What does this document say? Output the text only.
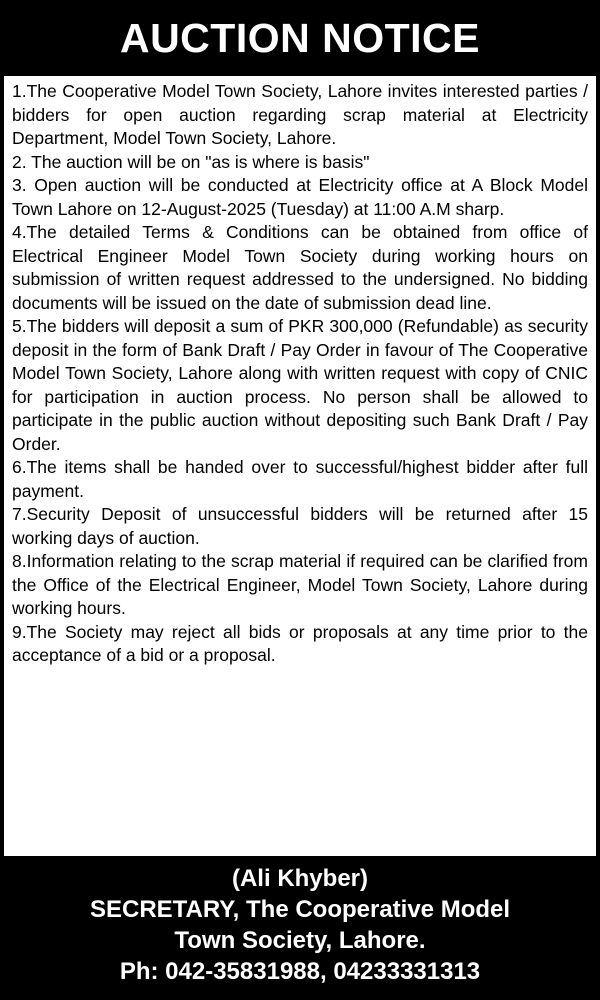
AUCTION NOTICE

1.The Cooperative Model Town Society, Lahore invites interested parties / bidders for open auction regarding scrap material at Electricity Department, Model Town Society, Lahore.

2. The auction will be on "as is where is basis"

3. Open auction will be conducted at Electricity office at A Block Model Town Lahore on 12-August-2025 (Tuesday) at 11:00 A.M sharp.

4.The detailed Terms & Conditions can be obtained from office of Electrical Engineer Model Town Society during working hours on submission of written request addressed to the undersigned. No bidding documents will be issued on the date of submission dead line.

5.The bidders will deposit a sum of PKR 300,000 (Refundable) as security deposit in the form of Bank Draft / Pay Order in favour of The Cooperative Model Town Society, Lahore along with written request with copy of CNIC for participation in auction process. No person shall be allowed to participate in the public auction without depositing such Bank Draft / Pay Order.

6.The items shall be handed over to successful/highest bidder after full payment.

7.Security Deposit of unsuccessful bidders will be returned after 15 working days of auction.

8.Information relating to the scrap material if required can be clarified from the Office of the Electrical Engineer, Model Town Society, Lahore during working hours.

9.The Society may reject all bids or proposals at any time prior to the acceptance of a bid or a proposal.

(Ali Khyber)
SECRETARY, The Cooperative Model
Town Society, Lahore.
Ph: 042-35831988, 04233331313
